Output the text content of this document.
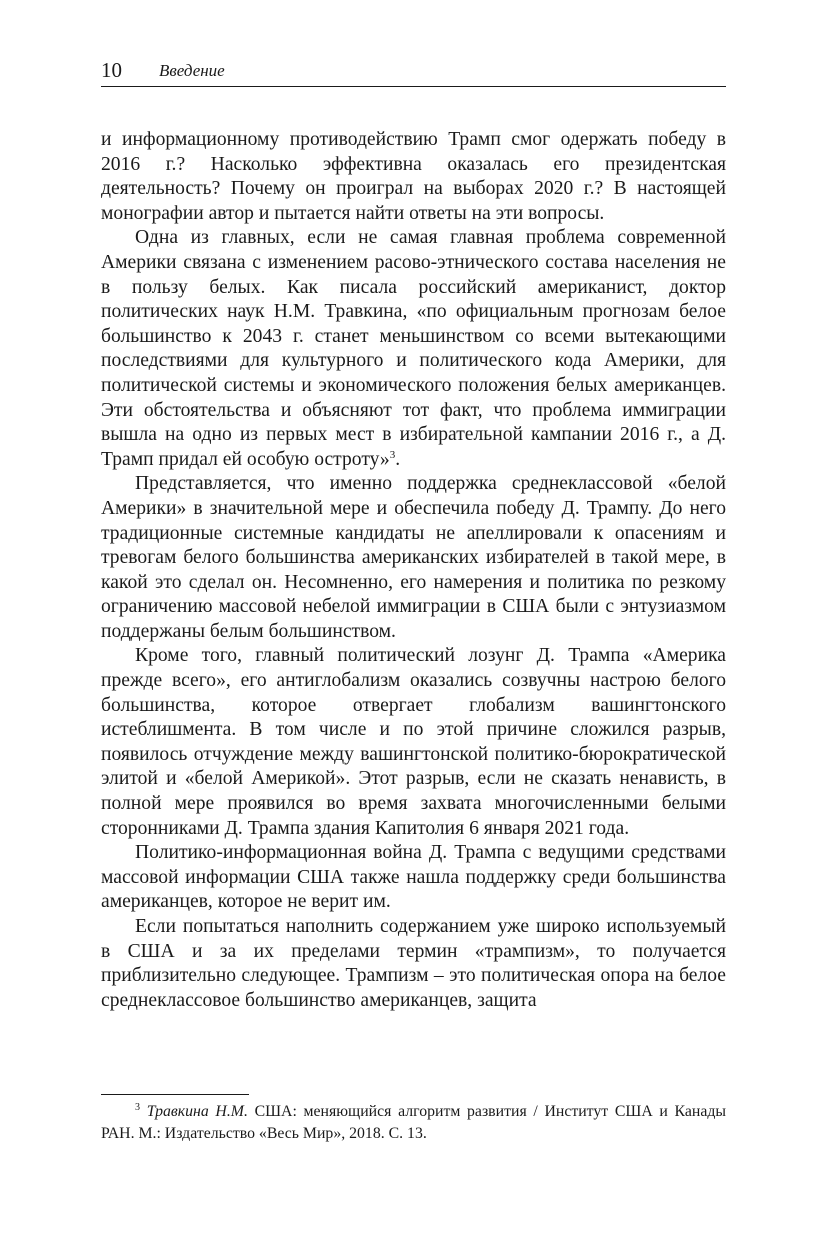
10 Введение

и информационному противодействию Трамп смог одержать победу в 2016 г.? Насколько эффективна оказалась его президентская деятельность? Почему он проиграл на выборах 2020 г.? В настоящей монографии автор и пытается найти ответы на эти вопросы.

Одна из главных, если не самая главная проблема современной Америки связана с изменением расово-этнического состава населения не в пользу белых. Как писала российский американист, доктор политических наук Н.М. Травкина, «по официальным прогнозам белое большинство к 2043 г. станет меньшинством со всеми вытекающими последствиями для культурного и политического кода Америки, для политической системы и экономического положения белых американцев. Эти обстоятельства и объясняют тот факт, что проблема иммиграции вышла на одно из первых мест в избирательной кампании 2016 г., а Д. Трамп придал ей особую остроту»$^3$.

Представляется, что именно поддержка среднеклассовой «белой Америки» в значительной мере и обеспечила победу Д. Трампу. До него традиционные системные кандидаты не апеллировали к опасениям и тревогам белого большинства американских избирателей в такой мере, в какой это сделал он. Несомненно, его намерения и политика по резкому ограничению массовой небелой иммиграции в США были с энтузиазмом поддержаны белым большинством.

Кроме того, главный политический лозунг Д. Трампа «Америка прежде всего», его антиглобализм оказались созвучны настрою белого большинства, которое отвергает глобализм вашингтонского истеблишмента. В том числе и по этой причине сложился разрыв, появилось отчуждение между вашингтонской политико-бюрократической элитой и «белой Америкой». Этот разрыв, если не сказать ненависть, в полной мере проявился во время захвата многочисленными белыми сторонниками Д. Трампа здания Капитолия 6 января 2021 года.

Политико-информационная война Д. Трампа с ведущими средствами массовой информации США также нашла поддержку среди большинства американцев, которое не верит им.

Если попытаться наполнить содержанием уже широко используемый в США и за их пределами термин «трампизм», то получается приблизительно следующее. Трампизм – это политическая опора на белое среднеклассовое большинство американцев, защита

$^3$ Травкина Н.М. США: меняющийся алгоритм развития / Институт США и Канады РАН. М.: Издательство «Весь Мир», 2018. С. 13.
